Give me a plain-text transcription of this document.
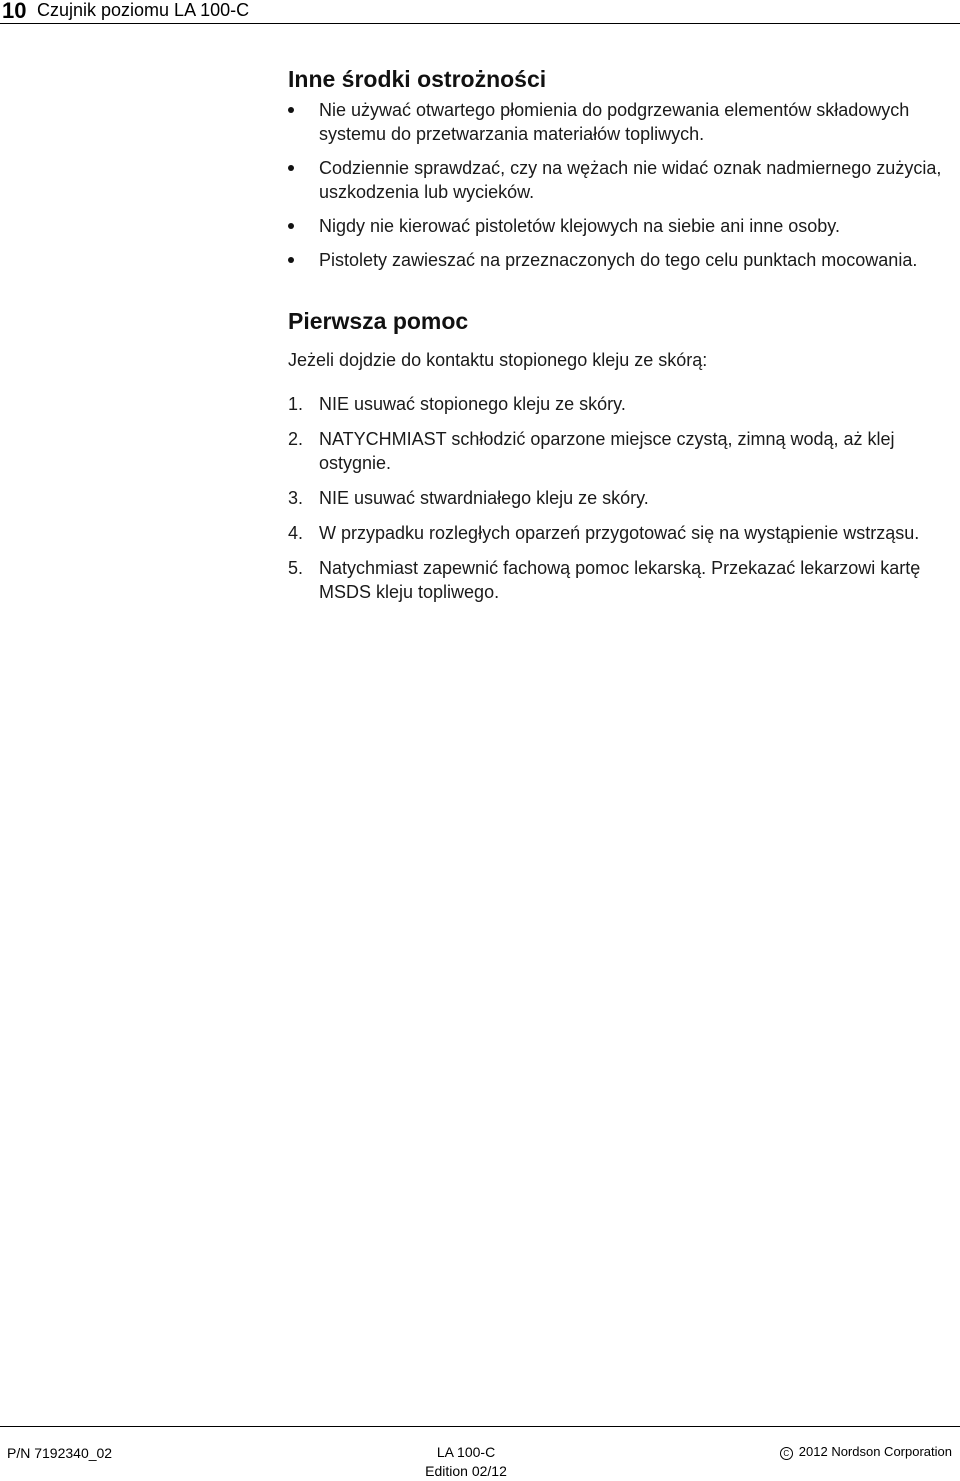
10 Czujnik poziomu LA 100-C
Inne środki ostrożności
Nie używać otwartego płomienia do podgrzewania elementów składowych systemu do przetwarzania materiałów topliwych.
Codziennie sprawdzać, czy na wężach nie widać oznak nadmiernego zużycia, uszkodzenia lub wycieków.
Nigdy nie kierować pistoletów klejowych na siebie ani inne osoby.
Pistolety zawieszać na przeznaczonych do tego celu punktach mocowania.
Pierwsza pomoc
Jeżeli dojdzie do kontaktu stopionego kleju ze skórą:
1. NIE usuwać stopionego kleju ze skóry.
2. NATYCHMIAST schłodzić oparzone miejsce czystą, zimną wodą, aż klej ostygnie.
3. NIE usuwać stwardniałego kleju ze skóry.
4. W przypadku rozległych oparzeń przygotować się na wystąpienie wstrząsu.
5. Natychmiast zapewnić fachową pomoc lekarską. Przekazać lekarzowi kartę MSDS kleju topliwego.
P/N 7192340_02	LA 100-C
Edition 02/12
C 2012 Nordson Corporation
